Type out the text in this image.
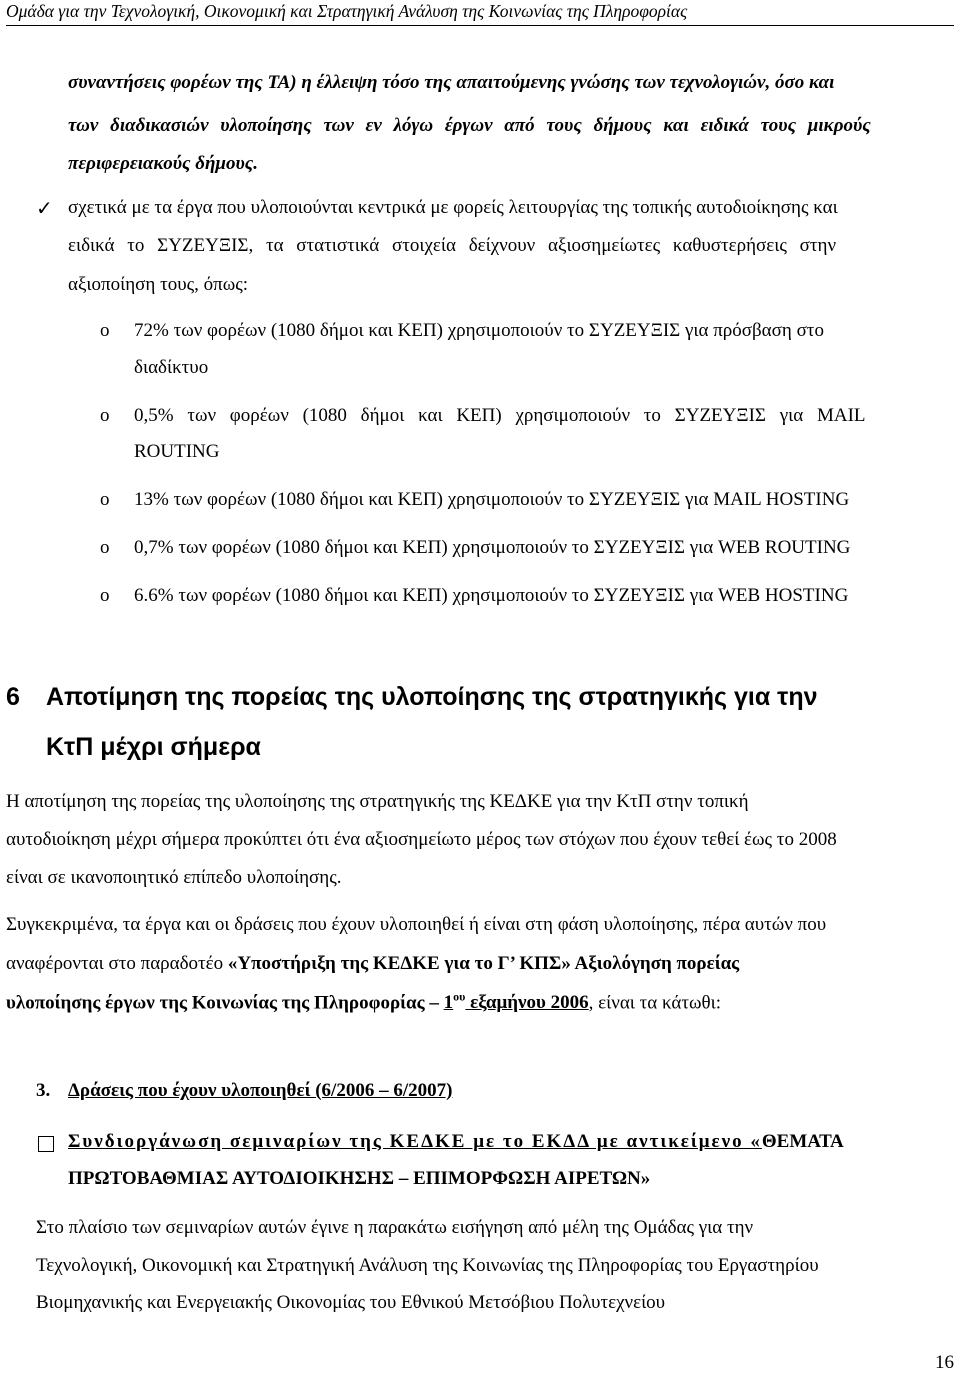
Ομάδα για την Τεχνολογική, Οικονομική και Στρατηγική Ανάλυση της Κοινωνίας της Πληροφορίας
συναντήσεις φορέων της ΤΑ) η έλλειψη τόσο της απαιτούμενης γνώσης των τεχνολογιών, όσο και
των διαδικασιών υλοποίησης των εν λόγω έργων από τους δήμους και ειδικά τους μικρούς
περιφερειακούς δήμους.
✓ σχετικά με τα έργα που υλοποιούνται κεντρικά με φορείς λειτουργίας της τοπικής αυτοδιοίκησης και
ειδικά το ΣΥΖΕΥΞΙΣ, τα στατιστικά στοιχεία δείχνουν αξιοσημείωτες καθυστερήσεις στην
αξιοποίηση τους, όπως:
o 72% των φορέων (1080 δήμοι και ΚΕΠ) χρησιμοποιούν το ΣΥΖΕΥΞΙΣ για πρόσβαση στο
διαδίκτυο
o 0,5% των φορέων (1080 δήμοι και ΚΕΠ) χρησιμοποιούν το ΣΥΖΕΥΞΙΣ για MAIL
ROUTING
o 13% των φορέων (1080 δήμοι και ΚΕΠ) χρησιμοποιούν το ΣΥΖΕΥΞΙΣ για MAIL HOSTING
o 0,7% των φορέων (1080 δήμοι και ΚΕΠ) χρησιμοποιούν το ΣΥΖΕΥΞΙΣ για WEB ROUTING
o 6.6% των φορέων (1080 δήμοι και ΚΕΠ) χρησιμοποιούν το ΣΥΖΕΥΞΙΣ για WEB HOSTING
6 Αποτίμηση της πορείας της υλοποίησης της στρατηγικής για την
ΚτΠ μέχρι σήμερα
Η αποτίμηση της πορείας της υλοποίησης της στρατηγικής της ΚΕΔΚΕ για την ΚτΠ στην τοπική
αυτοδιοίκηση μέχρι σήμερα προκύπτει ότι ένα αξιοσημείωτο μέρος των στόχων που έχουν τεθεί έως το 2008
είναι σε ικανοποιητικό επίπεδο υλοποίησης.
Συγκεκριμένα, τα έργα και οι δράσεις που έχουν υλοποιηθεί ή είναι στη φάση υλοποίησης, πέρα αυτών που
αναφέρονται στο παραδοτέο «Υποστήριξη της ΚΕΔΚΕ για το Γ’ ΚΠΣ» Αξιολόγηση πορείας
υλοποίησης έργων της Κοινωνίας της Πληροφορίας – $1^{o\upsilon}$ εξαμήνου 2006, είναι τα κάτωθι:
3. Δράσεις που έχουν υλοποιηθεί (6/2006 – 6/2007)
Συνδιοργάνωση σεμιναρίων της ΚΕΔΚΕ με το ΕΚΔΔ με αντικείμενο «ΘΕΜΑΤΑ
ΠΡΩΤΟΒΑΘΜΙΑΣ ΑΥΤΟΔΙΟΙΚΗΣΗΣ – ΕΠΙΜΟΡΦΩΣΗ ΑΙΡΕΤΩΝ»
Στο πλαίσιο των σεμιναρίων αυτών έγινε η παρακάτω εισήγηση από μέλη της Ομάδας για την
Τεχνολογική, Οικονομική και Στρατηγική Ανάλυση της Κοινωνίας της Πληροφορίας του Εργαστηρίου
Βιομηχανικής και Ενεργειακής Οικονομίας του Εθνικού Μετσόβιου Πολυτεχνείου
16
